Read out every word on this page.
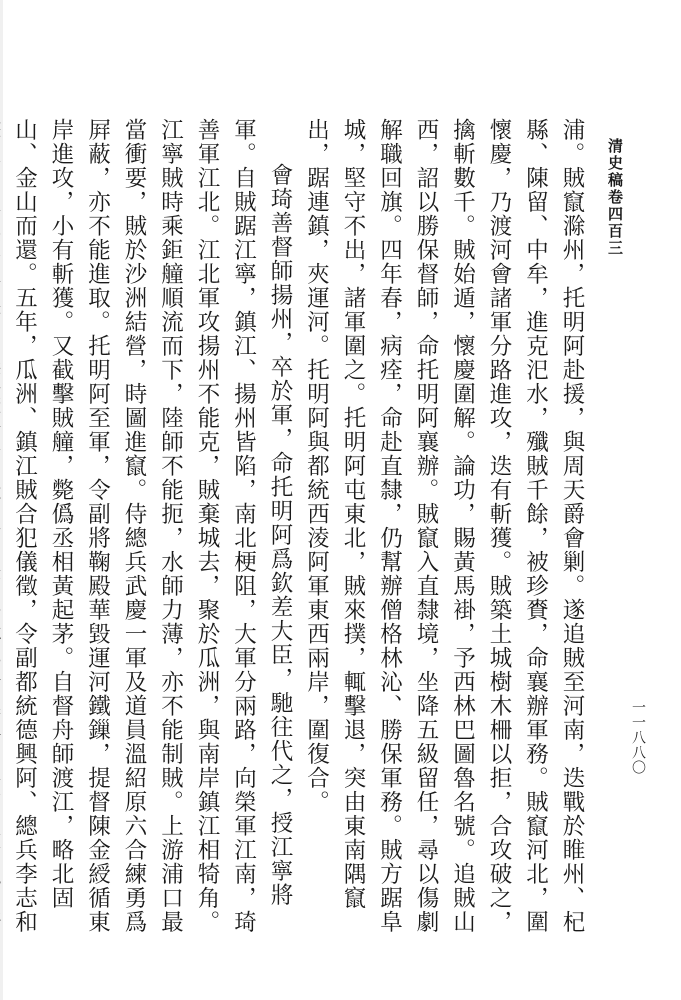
清史稿卷四百三
一一八八〇

浦。賊竄滁州，托明阿赴援，與周天爵會剿。遂追賊至河南，迭戰於睢州、杞縣、陳留、中牟，進克汜水，殲賊千餘，被珍賚，命襄辦軍務。賊竄河北，圍懷慶，乃渡河會諸軍分路進攻，迭有斬獲。賊築土城樹木柵以拒，合攻破之，擒斬數千。賊始遁，懷慶圍解。論功，賜黃馬褂，予西林巴圖魯名號。追賊山西，詔以勝保督師，命托明阿襄辦。賊竄入直隸境，坐降五級留任，尋以傷劇解職回旗。四年春，病痊，命赴直隸，仍幫辦僧格林沁、勝保軍務。賊方踞阜城，堅守不出，諸軍圍之。托明阿屯東北，賊來撲，輒擊退，突由東南隅竄出，踞連鎮，夾運河。托明阿與都統西淩阿軍東西兩岸，圍復合。

會琦善督師揚州，卒於軍，命托明阿爲欽差大臣，馳往代之，授江寧將軍。自賊踞江寧，鎮江、揚州皆陷，南北梗阻，大軍分兩路，向榮軍江南，琦善軍江北。江北軍攻揚州不能克，賊棄城去，聚於瓜洲，與南岸鎮江相犄角。江寧賊時乘鉅艟順流而下，陸師不能扼，水師力薄，亦不能制賊。上游浦口最當衝要，賊於沙洲結營，時圖進竄。侍總兵武慶一軍及道員溫紹原六合練勇爲屛蔽，亦不能進取。托明阿至軍，令副將鞠殿華毀運河鐵鏁，提督陳金綬循東岸進攻，小有斬獲。又截擊賊艟，斃僞丞相黃起茅。自督舟師渡江，略北固山、金山而還。五年，瓜洲、鎮江賊合犯儀徵，令副都統德興阿、總兵李志和
